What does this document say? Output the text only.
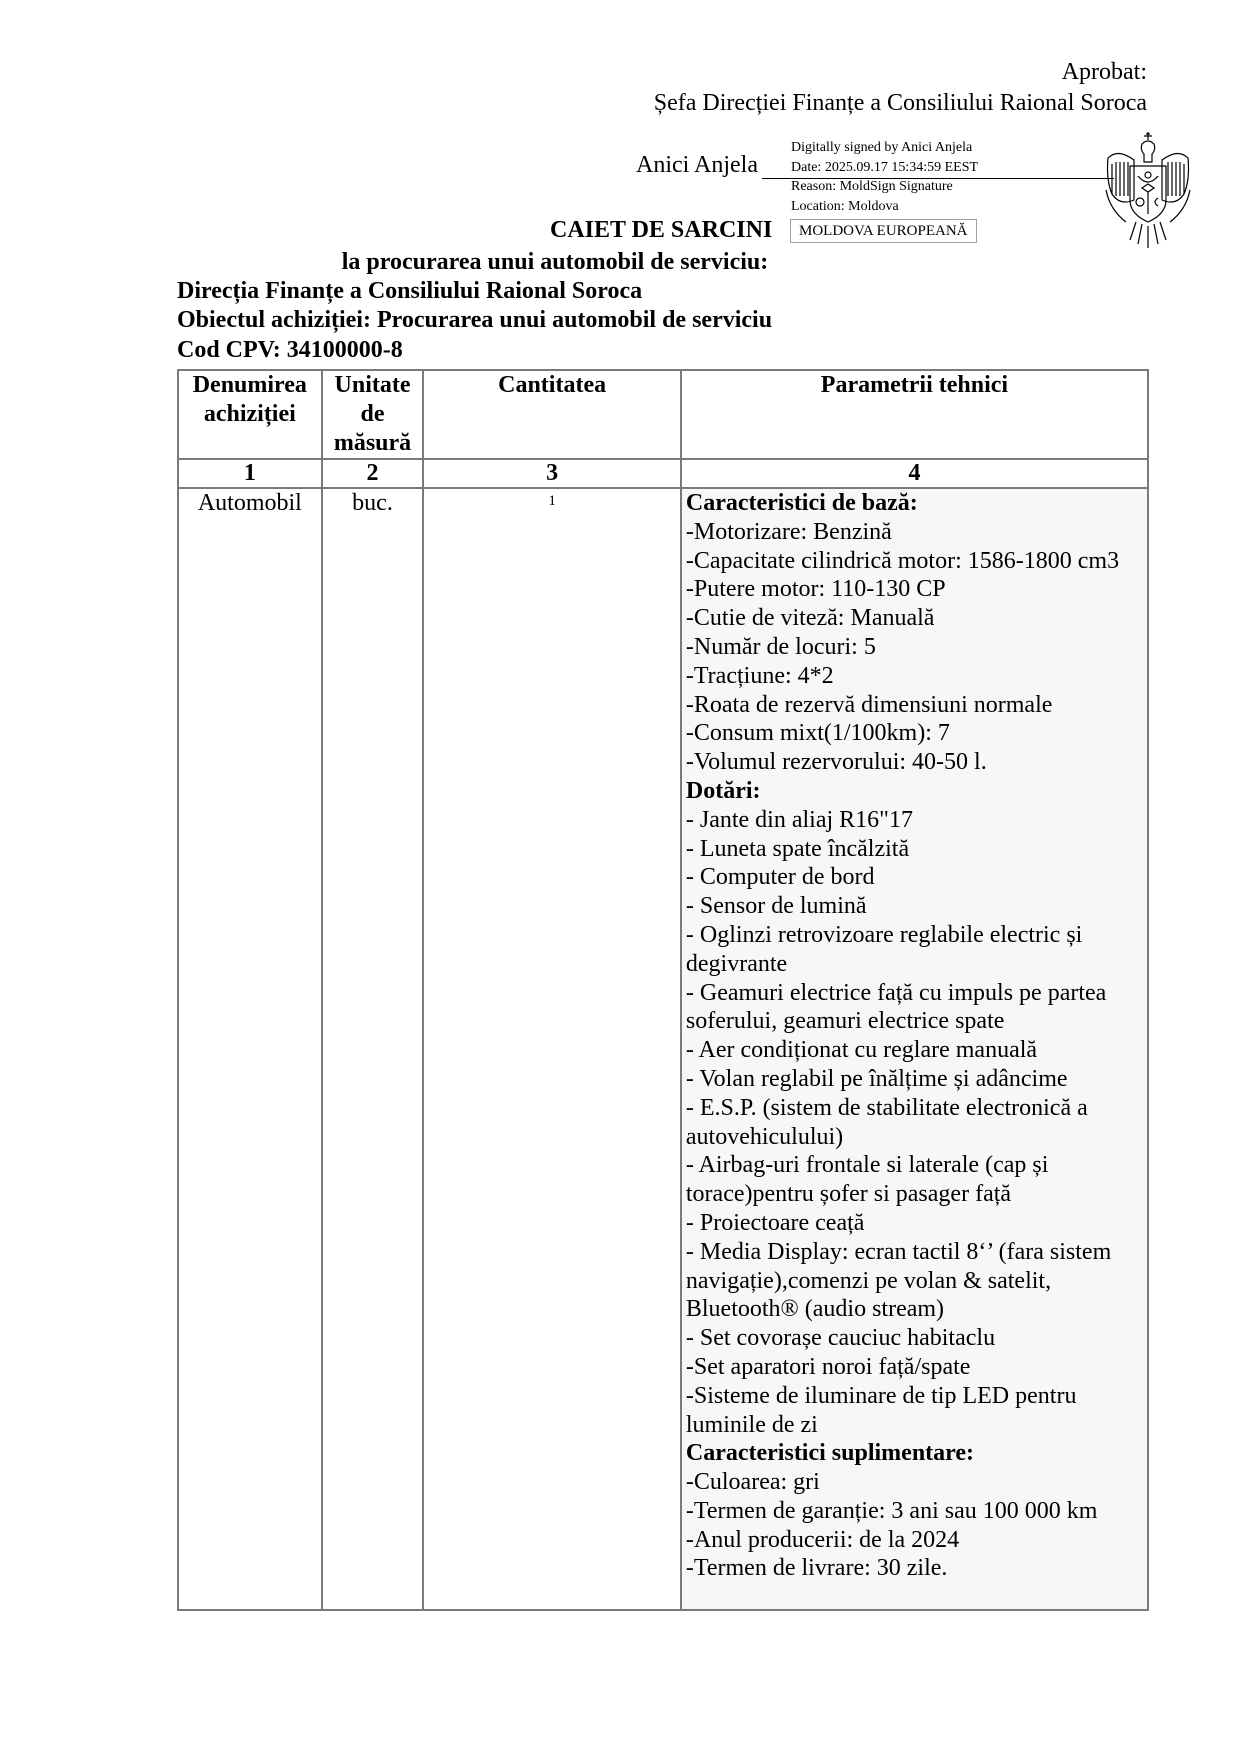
Aprobat:
Șefa Direcției Finanțe a Consiliului Raional Soroca
Anici Anjela
Digitally signed by Anici Anjela
Date: 2025.09.17 15:34:59 EEST
Reason: MoldSign Signature
Location: Moldova
CAIET DE SARCINI	MOLDOVA EUROPEANĂ
la procurarea unui automobil de serviciu:
Direcția Finanțe a Consiliului Raional Soroca
Obiectul achiziției: Procurarea unui automobil de serviciu
Cod CPV: 34100000-8
Denumirea achiziției	Unitate de măsură	Cantitatea	Parametrii tehnici
1	2	3	4
Automobil	buc.	1	Caracteristici de bază:
-Motorizare: Benzină
-Capacitate cilindrică motor: 1586-1800 cm3
-Putere motor: 110-130 CP
-Cutie de viteză: Manuală
-Număr de locuri: 5
-Tracțiune: 4*2
-Roata de rezervă dimensiuni normale
-Consum mixt(1/100km): 7
-Volumul rezervorului: 40-50 l.
Dotări:
- Jante din aliaj R16"17
- Luneta spate încălzită
- Computer de bord
- Sensor de lumină
- Oglinzi retrovizoare reglabile electric și degivrante
- Geamuri electrice față cu impuls pe partea soferului, geamuri electrice spate
- Aer condiționat cu reglare manuală
- Volan reglabil pe înălțime și adâncime
- E.S.P. (sistem de stabilitate electronică a autovehiculului)
- Airbag-uri frontale si laterale (cap și torace)pentru șofer si pasager față
- Proiectoare ceață
- Media Display: ecran tactil 8‘’ (fara sistem navigație),comenzi pe volan & satelit, Bluetooth® (audio stream)
- Set covorașe cauciuc habitaclu
-Set aparatori noroi față/spate
-Sisteme de iluminare de tip LED pentru luminile de zi
Caracteristici suplimentare:
-Culoarea: gri
-Termen de garanție: 3 ani sau 100 000 km
-Anul producerii: de la 2024
-Termen de livrare: 30 zile.
